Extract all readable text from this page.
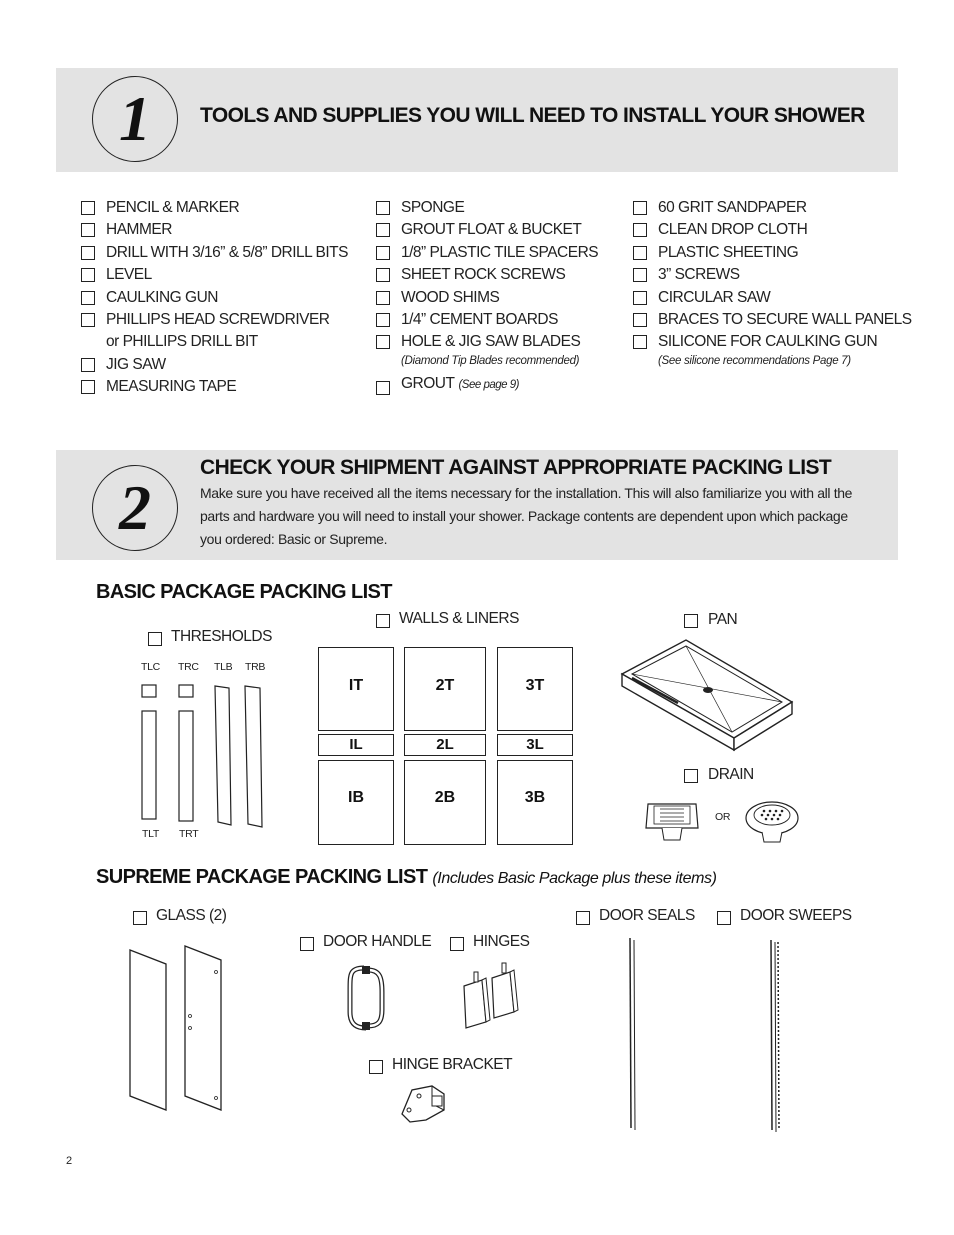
1	TOOLS AND SUPPLIES YOU WILL NEED TO INSTALL YOUR SHOWER
PENCIL & MARKER
HAMMER
DRILL WITH 3/16” & 5/8” DRILL BITS
LEVEL
CAULKING GUN
PHILLIPS HEAD SCREWDRIVER
or PHILLIPS DRILL BIT
JIG SAW
MEASURING TAPE
SPONGE
GROUT FLOAT & BUCKET
1/8” PLASTIC TILE SPACERS
SHEET ROCK SCREWS
WOOD SHIMS
1/4” CEMENT BOARDS
HOLE & JIG SAW BLADES
(Diamond Tip Blades recommended)
GROUT (See page 9)
60 GRIT SANDPAPER
CLEAN DROP CLOTH
PLASTIC SHEETING
3” SCREWS
CIRCULAR SAW
BRACES TO SECURE WALL PANELS
SILICONE FOR CAULKING GUN
(See silicone recommendations Page 7)
2
CHECK YOUR SHIPMENT AGAINST APPROPRIATE PACKING LIST
Make sure you have received all the items necessary for the installation. This will also familiarize you with all the parts and hardware you will need to install your shower. Package contents are dependent upon which package you ordered: Basic or Supreme.
BASIC PACKAGE PACKING LIST
THRESHOLDS
TLC TRC TLB TRB
TLT TRT
WALLS & LINERS
IT	2T	3T
IL	2L	3L
IB	2B	3B
PAN
DRAIN
OR
SUPREME PACKAGE PACKING LIST (Includes Basic Package plus these items)
GLASS (2)
DOOR HANDLE	HINGES
HINGE BRACKET
DOOR SEALS	DOOR SWEEPS
2
